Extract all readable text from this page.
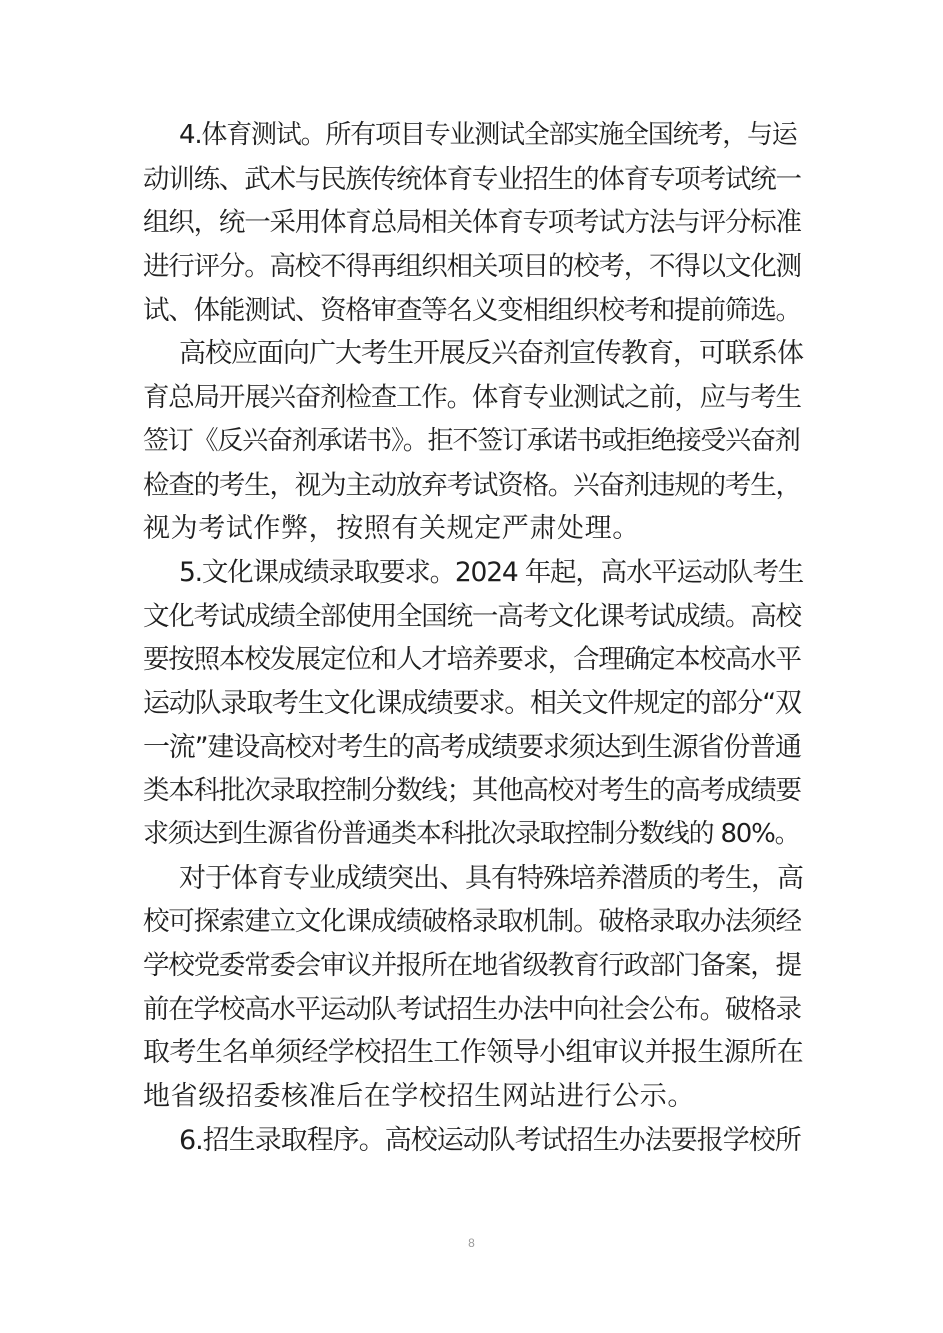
4.体育测试。所有项目专业测试全部实施全国统考，与运
动训练、武术与民族传统体育专业招生的体育专项考试统一
组织，统一采用体育总局相关体育专项考试方法与评分标准
进行评分。高校不得再组织相关项目的校考，不得以文化测
试、体能测试、资格审查等名义变相组织校考和提前筛选。
高校应面向广大考生开展反兴奋剂宣传教育，可联系体
育总局开展兴奋剂检查工作。体育专业测试之前，应与考生
签订《反兴奋剂承诺书》。拒不签订承诺书或拒绝接受兴奋剂
检查的考生，视为主动放弃考试资格。兴奋剂违规的考生，
视为考试作弊，按照有关规定严肃处理。
5.文化课成绩录取要求。2024 年起，高水平运动队考生
文化考试成绩全部使用全国统一高考文化课考试成绩。高校
要按照本校发展定位和人才培养要求，合理确定本校高水平
运动队录取考生文化课成绩要求。相关文件规定的部分“双
一流”建设高校对考生的高考成绩要求须达到生源省份普通
类本科批次录取控制分数线；其他高校对考生的高考成绩要
求须达到生源省份普通类本科批次录取控制分数线的 80%。
对于体育专业成绩突出、具有特殊培养潜质的考生，高
校可探索建立文化课成绩破格录取机制。破格录取办法须经
学校党委常委会审议并报所在地省级教育行政部门备案，提
前在学校高水平运动队考试招生办法中向社会公布。破格录
取考生名单须经学校招生工作领导小组审议并报生源所在
地省级招委核准后在学校招生网站进行公示。
6.招生录取程序。高校运动队考试招生办法要报学校所
8
